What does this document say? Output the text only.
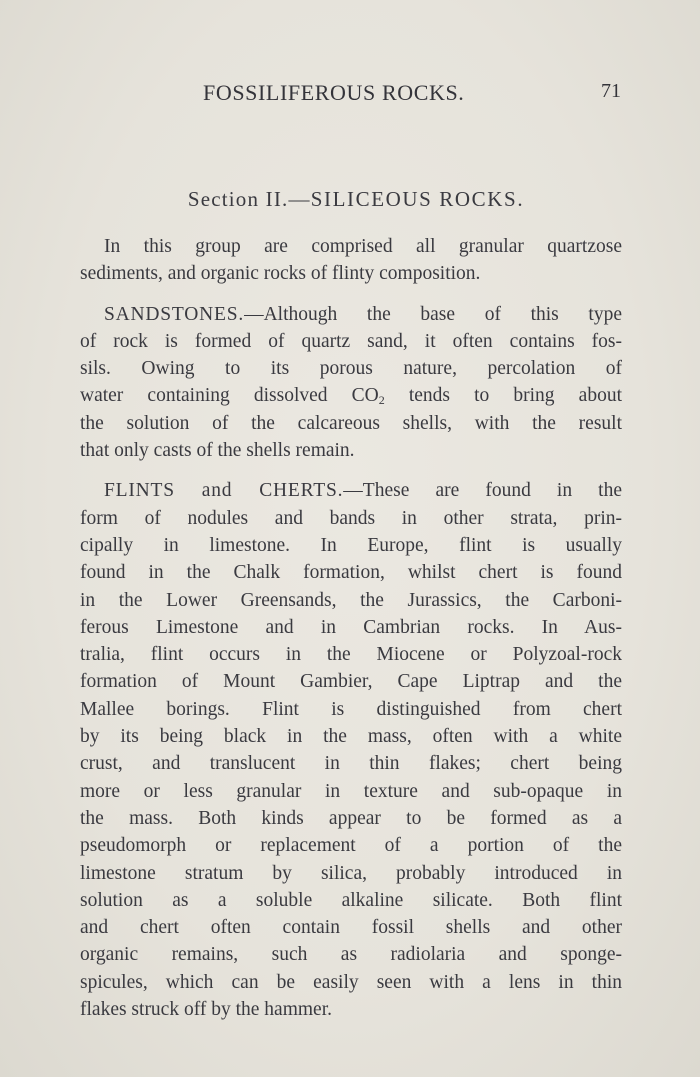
FOSSILIFEROUS ROCKS.	71
Section II.—SILICEOUS ROCKS.
In this group are comprised all granular quartzose
sediments, and organic rocks of flinty composition.
SANDSTONES.—Although the base of this type
of rock is formed of quartz sand, it often contains fos-
sils. Owing to its porous nature, percolation of
water containing dissolved $CO_2$ tends to bring about
the solution of the calcareous shells, with the result
that only casts of the shells remain.
FLINTS and CHERTS.—These are found in the
form of nodules and bands in other strata, prin-
cipally in limestone. In Europe, flint is usually
found in the Chalk formation, whilst chert is found
in the Lower Greensands, the Jurassics, the Carboni-
ferous Limestone and in Cambrian rocks. In Aus-
tralia, flint occurs in the Miocene or Polyzoal-rock
formation of Mount Gambier, Cape Liptrap and the
Mallee borings. Flint is distinguished from chert
by its being black in the mass, often with a white
crust, and translucent in thin flakes; chert being
more or less granular in texture and sub-opaque in
the mass. Both kinds appear to be formed as a
pseudomorph or replacement of a portion of the
limestone stratum by silica, probably introduced in
solution as a soluble alkaline silicate. Both flint
and chert often contain fossil shells and other
organic remains, such as radiolaria and sponge-
spicules, which can be easily seen with a lens in thin
flakes struck off by the hammer.
